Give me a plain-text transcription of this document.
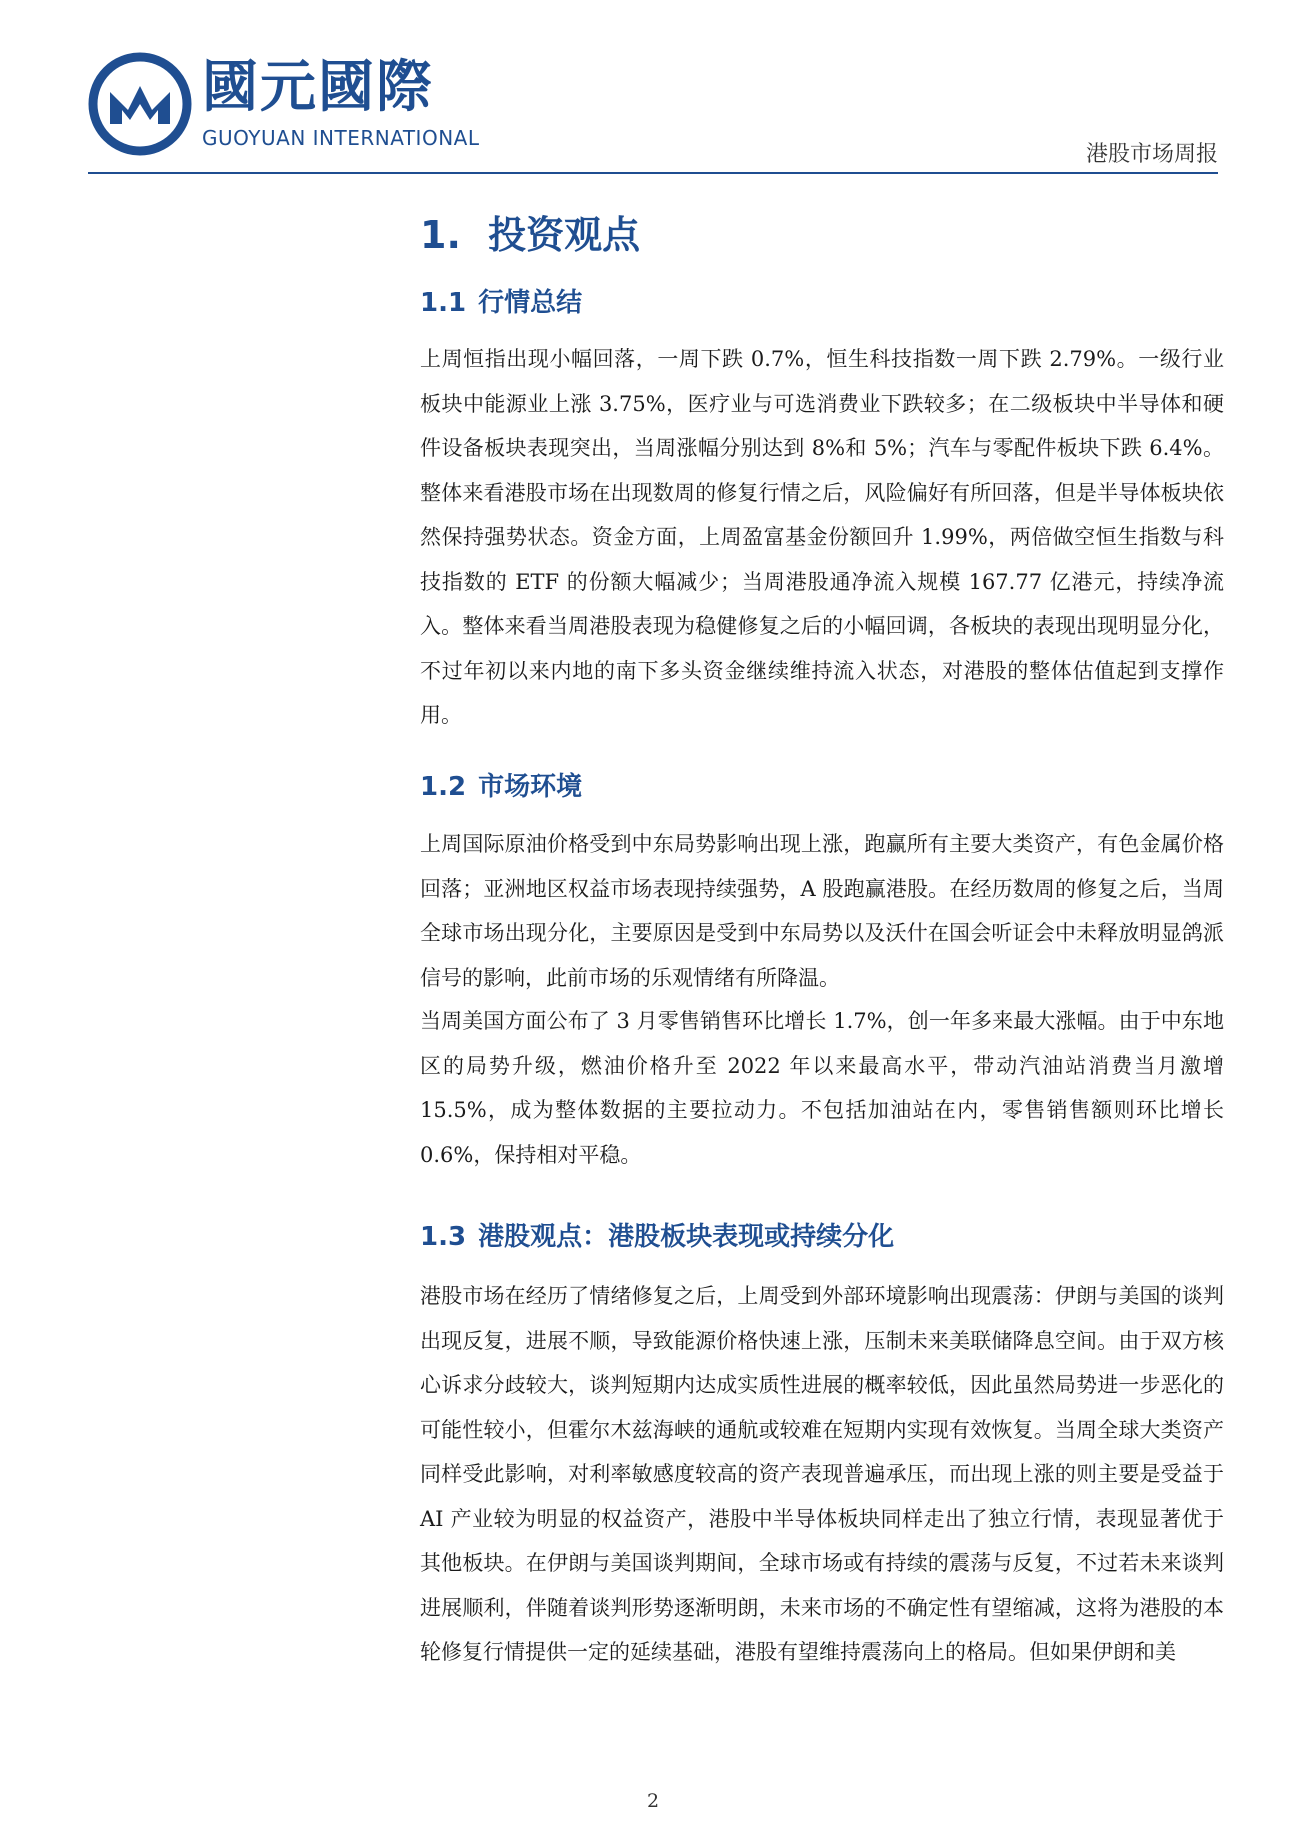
國元國際
GUOYUAN INTERNATIONAL
港股市场周报
1. 投资观点
1.1 行情总结

上周恒指出现小幅回落，一周下跌 0.7%，恒生科技指数一周下跌 2.79%。一级行业板块中能源业上涨 3.75%，医疗业与可选消费业下跌较多；在二级板块中半导体和硬件设备板块表现突出，当周涨幅分别达到 8%和 5%；汽车与零配件板块下跌 6.4%。整体来看港股市场在出现数周的修复行情之后，风险偏好有所回落，但是半导体板块依然保持强势状态。资金方面，上周盈富基金份额回升 1.99%，两倍做空恒生指数与科技指数的 ETF 的份额大幅减少；当周港股通净流入规模 167.77 亿港元，持续净流入。整体来看当周港股表现为稳健修复之后的小幅回调，各板块的表现出现明显分化，不过年初以来内地的南下多头资金继续维持流入状态，对港股的整体估值起到支撑作用。

1.2 市场环境

上周国际原油价格受到中东局势影响出现上涨，跑赢所有主要大类资产，有色金属价格回落；亚洲地区权益市场表现持续强势，A 股跑赢港股。在经历数周的修复之后，当周全球市场出现分化，主要原因是受到中东局势以及沃什在国会听证会中未释放明显鸽派信号的影响，此前市场的乐观情绪有所降温。

当周美国方面公布了 3 月零售销售环比增长 1.7%，创一年多来最大涨幅。由于中东地区的局势升级，燃油价格升至 2022 年以来最高水平，带动汽油站消费当月激增 15.5%，成为整体数据的主要拉动力。不包括加油站在内，零售销售额则环比增长 0.6%，保持相对平稳。

1.3 港股观点：港股板块表现或持续分化

港股市场在经历了情绪修复之后，上周受到外部环境影响出现震荡：伊朗与美国的谈判出现反复，进展不顺，导致能源价格快速上涨，压制未来美联储降息空间。由于双方核心诉求分歧较大，谈判短期内达成实质性进展的概率较低，因此虽然局势进一步恶化的可能性较小，但霍尔木兹海峡的通航或较难在短期内实现有效恢复。当周全球大类资产同样受此影响，对利率敏感度较高的资产表现普遍承压，而出现上涨的则主要是受益于 AI 产业较为明显的权益资产，港股中半导体板块同样走出了独立行情，表现显著优于其他板块。在伊朗与美国谈判期间，全球市场或有持续的震荡与反复，不过若未来谈判进展顺利，伴随着谈判形势逐渐明朗，未来市场的不确定性有望缩减，这将为港股的本轮修复行情提供一定的延续基础，港股有望维持震荡向上的格局。但如果伊朗和美

2
